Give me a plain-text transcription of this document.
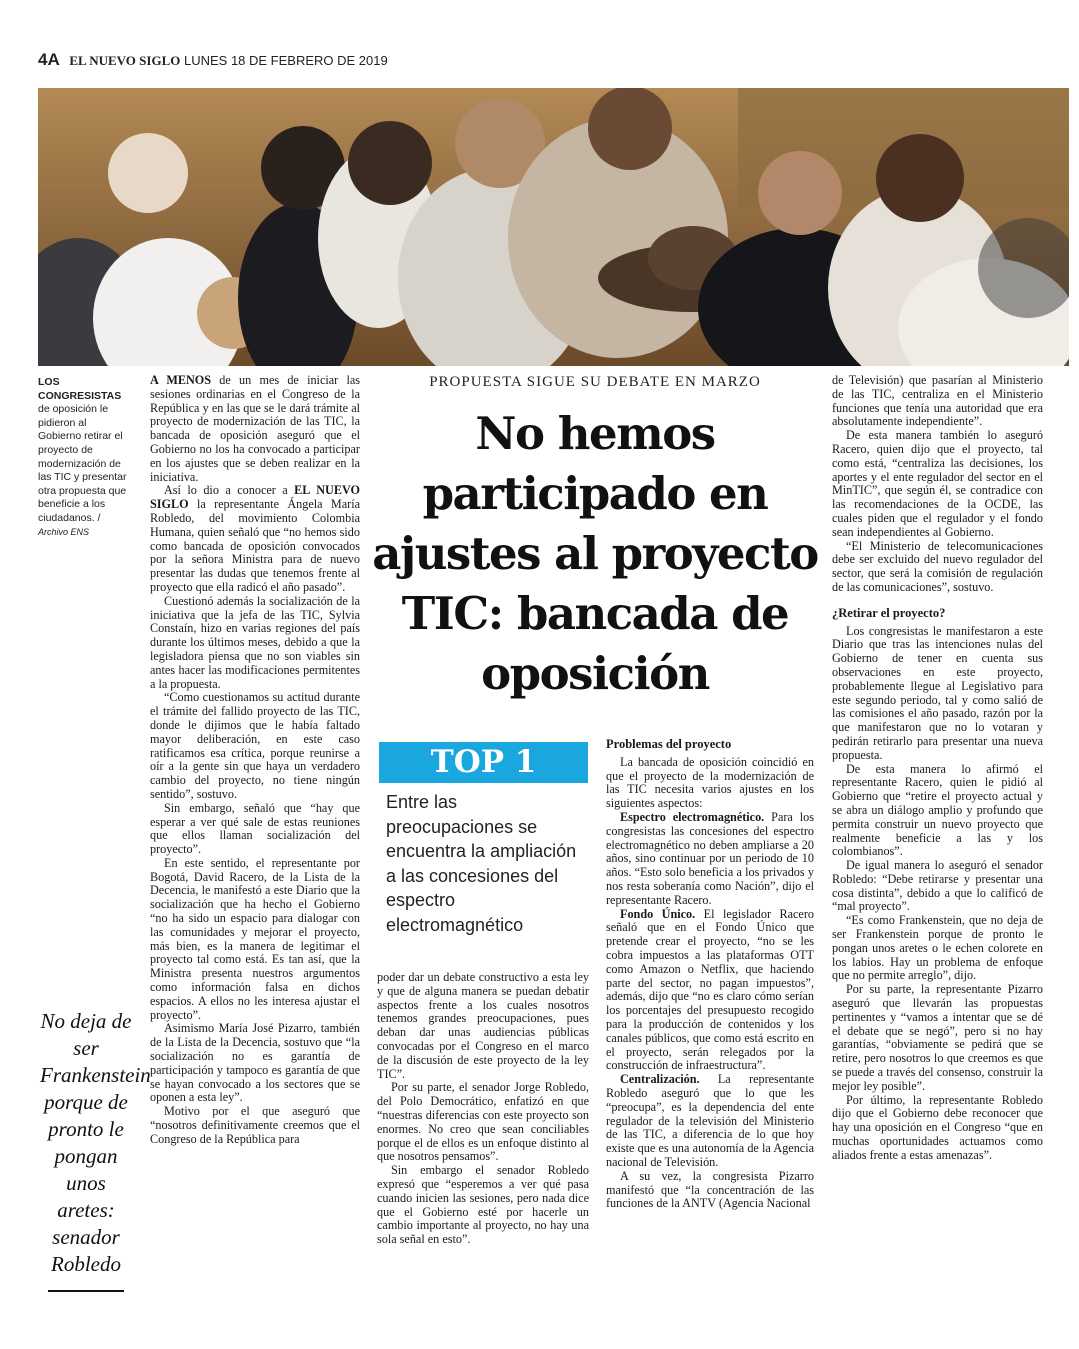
4A EL NUEVO SIGLO LUNES 18 DE FEBRERO DE 2019
LOS CONGRESISTAS
de oposición le pidieron al Gobierno retirar el proyecto de modernización de las TIC y presentar otra propuesta que beneficie a los ciudadanos. /
Archivo ENS
No deja de ser Frankenstein porque de pronto le pongan unos aretes: senador Robledo
PROPUESTA SIGUE SU DEBATE EN MARZO
No hemos participado en ajustes al proyecto TIC: bancada de oposición
TOP 1
Entre las preocupaciones se encuentra la ampliación a las concesiones del espectro electromagnético

A MENOS de un mes de iniciar las sesiones ordinarias en el Congreso de la República y en las que se le dará trámite al proyecto de modernización de las TIC, la bancada de oposición aseguró que el Gobierno no los ha convocado a participar en los ajustes que se deben realizar en la iniciativa.

Así lo dio a conocer a EL NUEVO SIGLO la representante Ángela María Robledo, del movimiento Colombia Humana, quien señaló que “no hemos sido como bancada de oposición convocados por la señora Ministra para de nuevo presentar las dudas que tenemos frente al proyecto que ella radicó el año pasado”.

Cuestionó además la socialización de la iniciativa que la jefa de las TIC, Sylvia Constaín, hizo en varias regiones del país durante los últimos meses, debido a que la legisladora piensa que no son viables sin antes hacer las modificaciones permitentes a la propuesta.

“Como cuestionamos su actitud durante el trámite del fallido proyecto de las TIC, donde le dijimos que le había faltado mayor deliberación, en este caso ratificamos esa crítica, porque reunirse a oír a la gente sin que haya un verdadero cambio del proyecto, no tiene ningún sentido”, sostuvo.

Sin embargo, señaló que “hay que esperar a ver qué sale de estas reuniones que ellos llaman socialización del proyecto”.

En este sentido, el representante por Bogotá, David Racero, de la Lista de la Decencia, le manifestó a este Diario que la socialización que ha hecho el Gobierno “no ha sido un espacio para dialogar con las comunidades y mejorar el proyecto, más bien, es la manera de legitimar el proyecto tal como está. Es tan así, que la Ministra presenta nuestros argumentos como información falsa en dichos espacios. A ellos no les interesa ajustar el proyecto”.

Asimismo María José Pizarro, también de la Lista de la Decencia, sostuvo que “la socialización no es garantía de participación y tampoco es garantía de que se hayan convocado a los sectores que se oponen a esta ley”.

Motivo por el que aseguró que “nosotros definitivamente creemos que el Congreso de la República para

poder dar un debate constructivo a esta ley y que de alguna manera se puedan debatir aspectos frente a los cuales nosotros tenemos grandes preocupaciones, pues deban dar unas audiencias públicas convocadas por el Congreso en el marco de la discusión de este proyecto de la ley TIC”.

Por su parte, el senador Jorge Robledo, del Polo Democrático, enfatizó en que “nuestras diferencias con este proyecto son enormes. No creo que sean conciliables porque el de ellos es un enfoque distinto al que nosotros pensamos”.

Sin embargo el senador Robledo expresó que “esperemos a ver qué pasa cuando inicien las sesiones, pero nada dice que el Gobierno esté por hacerle un cambio importante al proyecto, no hay una sola señal en esto”.

Problemas del proyecto

La bancada de oposición coincidió en que el proyecto de la modernización de las TIC necesita varios ajustes en los siguientes aspectos:

Espectro electromagnético. Para los congresistas las concesiones del espectro electromagnético no deben ampliarse a 20 años, sino continuar por un periodo de 10 años. “Esto solo beneficia a los privados y nos resta soberanía como Nación”, dijo el representante Racero.

Fondo Único. El legislador Racero señaló que en el Fondo Único que pretende crear el proyecto, “no se les cobra impuestos a las plataformas OTT como Amazon o Netflix, que haciendo parte del sector, no pagan impuestos”, además, dijo que “no es claro cómo serían los porcentajes del presupuesto recogido para la producción de contenidos y los canales públicos, que como está escrito en el proyecto, serán relegados por la construcción de infraestructura”.

Centralización. La representante Robledo aseguró que lo que les “preocupa”, es la dependencia del ente regulador de la televisión del Ministerio de las TIC, a diferencia de lo que hoy existe que es una autonomía de la Agencia nacional de Televisión.

A su vez, la congresista Pizarro manifestó que “la concentración de las funciones de la ANTV (Agencia Nacional

de Televisión) que pasarían al Ministerio de las TIC, centraliza en el Ministerio funciones que tenía una autoridad que era absolutamente independiente”.

De esta manera también lo aseguró Racero, quien dijo que el proyecto, tal como está, “centraliza las decisiones, los aportes y el ente regulador del sector en el MinTIC”, que según él, se contradice con las recomendaciones de la OCDE, las cuales piden que el regulador y el fondo sean independientes al Gobierno.

“El Ministerio de telecomunicaciones debe ser excluido del nuevo regulador del sector, que será la comisión de regulación de las comunicaciones”, sostuvo.

¿Retirar el proyecto?

Los congresistas le manifestaron a este Diario que tras las intenciones nulas del Gobierno de tener en cuenta sus observaciones en este proyecto, probablemente llegue al Legislativo para este segundo periodo, tal y como salió de las comisiones el año pasado, razón por la que manifestaron que no lo votaran y pedirán retirarlo para presentar una nueva propuesta.

De esta manera lo afirmó el representante Racero, quien le pidió al Gobierno que “retire el proyecto actual y se abra un diálogo amplio y profundo que permita construir un nuevo proyecto que realmente beneficie a las y los colombianos”.

De igual manera lo aseguró el senador Robledo: “Debe retirarse y presentar una cosa distinta”, debido a que lo calificó de “mal proyecto”.

“Es como Frankenstein, que no deja de ser Frankenstein porque de pronto le pongan unos aretes o le echen colorete en los labios. Hay un problema de enfoque que no permite arreglo”, dijo.

Por su parte, la representante Pizarro aseguró que llevarán las propuestas pertinentes y “vamos a intentar que se dé el debate que se negó”, pero si no hay garantías, “obviamente se pedirá que se retire, pero nosotros lo que creemos es que se puede a través del consenso, construir la mejor ley posible”.

Por último, la representante Robledo dijo que el Gobierno debe reconocer que hay una oposición en el Congreso “que en muchas oportunidades actuamos como aliados frente a estas amenazas”.
